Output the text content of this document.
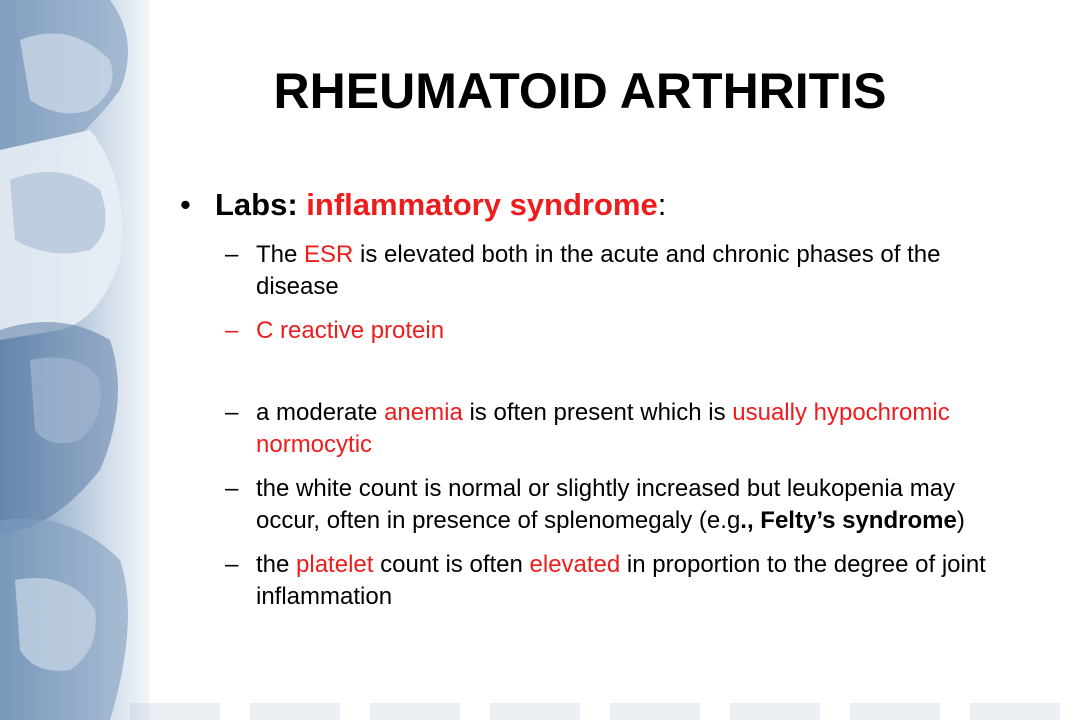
RHEUMATOID ARTHRITIS
• Labs: inflammatory syndrome:
– The ESR is elevated both in the acute and chronic phases of the disease
– C reactive protein
– a moderate anemia is often present which is usually hypochromic normocytic
– the white count is normal or slightly increased but leukopenia may occur, often in presence of splenomegaly (e.g., Felty’s syndrome)
– the platelet count is often elevated in proportion to the degree of joint inflammation
